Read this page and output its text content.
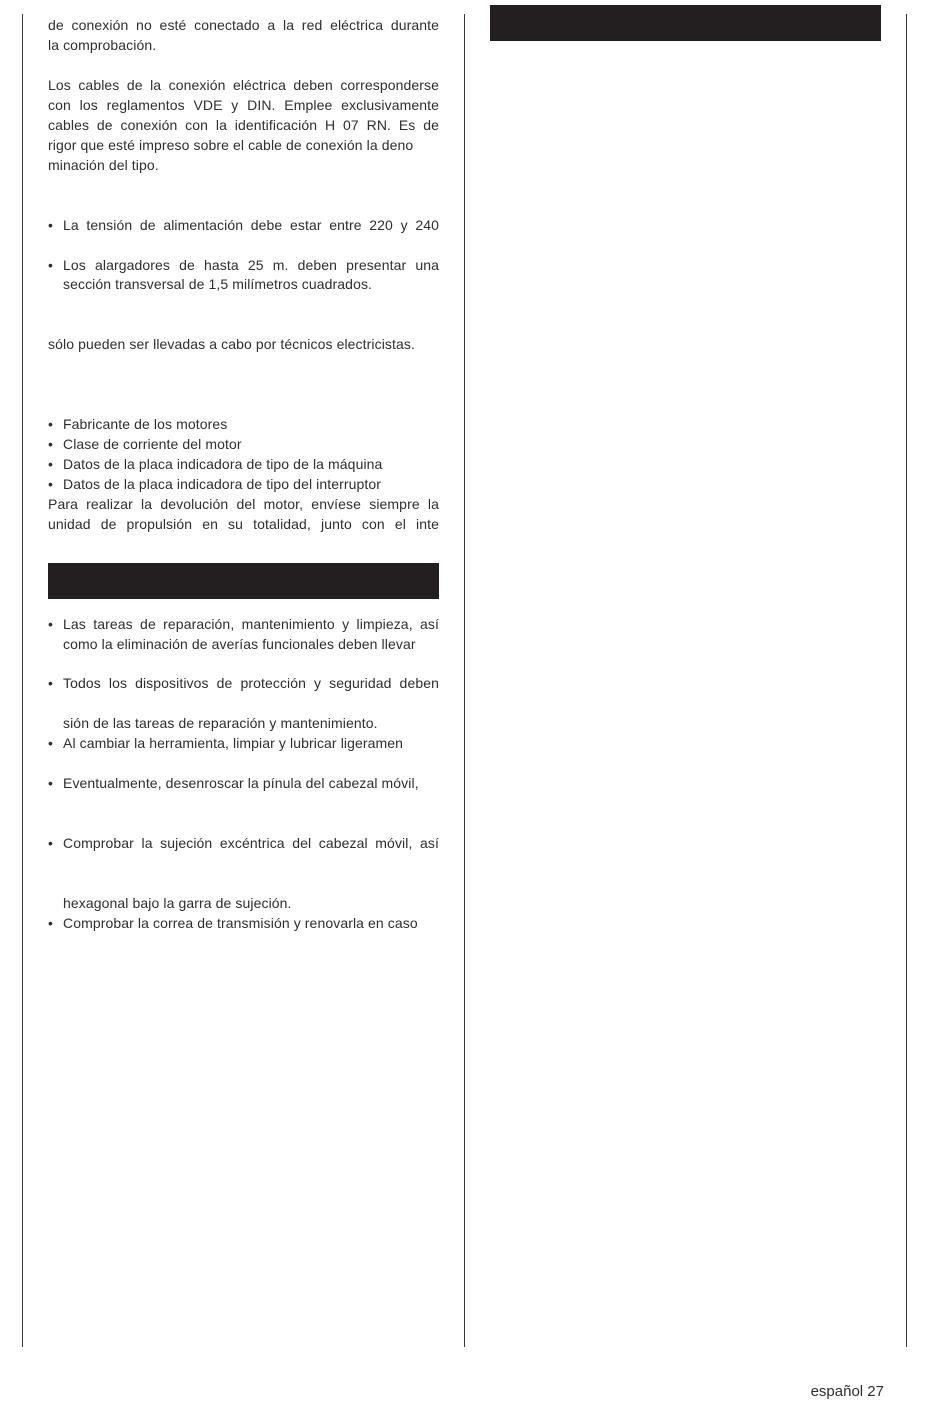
de conexión no esté conectado a la red eléctrica durante
la comprobación.
Los cables de la conexión eléctrica deben corresponderse
con los reglamentos VDE y DIN. Emplee exclusivamente
cables de conexión con la identificación H 07 RN. Es de
rigor que esté impreso sobre el cable de conexión la deno
minación del tipo.
• La tensión de alimentación debe estar entre 220 y 240
• Los alargadores de hasta 25 m. deben presentar una
sección transversal de 1,5 milímetros cuadrados.
sólo pueden ser llevadas a cabo por técnicos electricistas.
• Fabricante de los motores
• Clase de corriente del motor
• Datos de la placa indicadora de tipo de la máquina
• Datos de la placa indicadora de tipo del interruptor
Para realizar la devolución del motor, envíese siempre la
unidad de propulsión en su totalidad, junto con el inte
• Las tareas de reparación, mantenimiento y limpieza, así
como la eliminación de averías funcionales deben llevar
• Todos los dispositivos de protección y seguridad deben
sión de las tareas de reparación y mantenimiento.
• Al cambiar la herramienta, limpiar y lubricar ligeramen
• Eventualmente, desenroscar la pínula del cabezal móvil,
• Comprobar la sujeción excéntrica del cabezal móvil, así
hexagonal bajo la garra de sujeción.
• Comprobar la correa de transmisión y renovarla en caso
español 27
